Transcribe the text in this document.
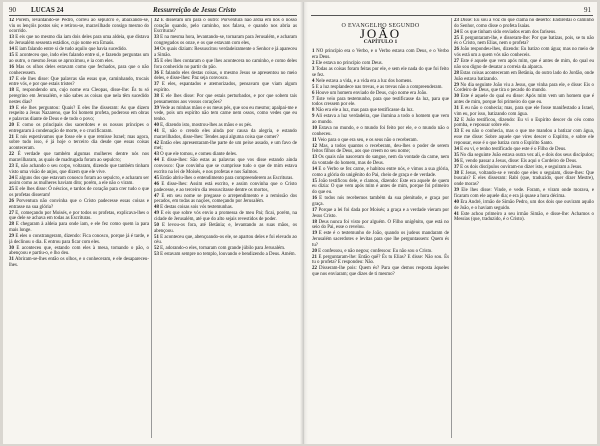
90 LUCAS 24	Ressurreição de Jesus Cristo	91

12 Porém, levantando-se Pedro, correu ao sepulcro e, abaixando-se, viu os lençóis postos sós; e retirou-se, maravilhado consigo mesmo do ocorrido.

13 E eis que no mesmo dia iam dois deles para uma aldeia, que distava de Jerusalém sessenta estádios, cujo nome era Emaús.

14 E iam falando entre si de tudo aquilo que havia sucedido.

15 E aconteceu que, indo eles falando entre si, e fazendo perguntas um ao outro, o mesmo Jesus se aproximou, e ia com eles.

16 Mas os olhos deles estavam como que fechados, para que o não conhecessem.

17 E ele lhes disse: Que palavras são essas que, caminhando, trocais entre vós, e por que estais tristes?

18 E, respondendo um, cujo nome era Cleopas, disse-lhe: És tu só peregrino em Jerusalém, e não sabes as coisas que nela têm sucedido nestes dias?

19 E ele lhes perguntou: Quais? E eles lhe disseram: As que dizem respeito a Jesus Nazareno, que foi homem profeta, poderoso em obras e palavras diante de Deus e de todo o povo;

20 E como os principais dos sacerdotes e os nossos príncipes o entregaram à condenação de morte, e o crucificaram.

21 E nós esperávamos que fosse ele o que remisse Israel; mas agora, sobre tudo isso, é já hoje o terceiro dia desde que essas coisas aconteceram.

22 É verdade que também algumas mulheres dentre nós nos maravilharam, as quais de madrugada foram ao sepulcro;

23 E, não achando o seu corpo, voltaram, dizendo que também tinham visto uma visão de anjos, que dizem que ele vive.

24 E alguns dos que estavam conosco foram ao sepulcro, e acharam ser assim como as mulheres haviam dito; porém, a ele não o viram.

25 E ele lhes disse: Ó néscios, e tardos de coração para crer tudo o que os profetas disseram!

26 Porventura não convinha que o Cristo padecesse essas coisas e entrasse na sua glória?

27 E, começando por Moisés, e por todos os profetas, explicava-lhes o que dele se achava em todas as Escrituras.

28 E chegaram à aldeia para onde iam, e ele fez como quem ia para mais longe.

29 E eles o constrangeram, dizendo: Fica conosco, porque já é tarde, e já declinou o dia. E entrou para ficar com eles.

30 E aconteceu que, estando com eles à mesa, tomando o pão, o abençoou e partiu-o, e lho deu.

31 Abriram-se-lhes então os olhos, e o conheceram, e ele desapareceu-lhes.

32 E disseram um para o outro: Porventura não ardia em nós o nosso coração quando, pelo caminho, nos falava, e quando nos abria as Escrituras?

33 E na mesma hora, levantando-se, tornaram para Jerusalém, e acharam congregados os onze, e os que estavam com eles,

34 Os quais diziam: Ressuscitou verdadeiramente o Senhor e já apareceu a Simão.

35 E eles lhes contaram o que lhes acontecera no caminho, e como deles fora conhecido no partir do pão.

36 E falando eles destas coisas, o mesmo Jesus se apresentou no meio deles, e disse-lhes: Paz seja convosco.

37 E eles, espantados e atemorizados, pensavam que viam algum espírito.

38 E ele lhes disse: Por que estais perturbados, e por que sobem tais pensamentos aos vossos corações?

39 Vede as minhas mãos e os meus pés, que sou eu mesmo; apalpai-me e vede, pois um espírito não tem carne nem ossos, como vedes que eu tenho.

40 E, dizendo isto, mostrou-lhes as mãos e os pés.

41 E, não o crendo eles ainda por causa da alegria, e estando maravilhados, disse-lhes: Tendes aqui alguma coisa que comer?

42 Então eles apresentaram-lhe parte de um peixe assado, e um favo de mel;

43 O que ele tomou, e comeu diante deles.

44 E disse-lhes: São estas as palavras que vos disse estando ainda convosco: Que convinha que se cumprisse tudo o que de mim estava escrito na lei de Moisés, e nos profetas e nos Salmos.

45 Então abriu-lhes o entendimento para compreenderem as Escrituras.

46 E disse-lhes: Assim está escrito, e assim convinha que o Cristo padecesse, e ao terceiro dia ressuscitasse dentre os mortos,

47 E em seu nome se pregasse o arrependimento e a remissão dos pecados, em todas as nações, começando por Jerusalém.

48 E destas coisas sois vós testemunhas.

49 E eis que sobre vós envio a promessa de meu Pai; ficai, porém, na cidade de Jerusalém, até que do alto sejais revestidos de poder.

50 E levou-os fora, até Betânia; e, levantando as suas mãos, os abençoou.

51 E aconteceu que, abençoando-os ele, se apartou deles e foi elevado ao céu.

52 E, adorando-o eles, tornaram com grande júbilo para Jerusalém.

53 E estavam sempre no templo, louvando e bendizendo a Deus. Amém.

O EVANGELHO SEGUNDO
JOÃO
CAPÍTULO 1

1 NO princípio era o Verbo, e o Verbo estava com Deus, e o Verbo era Deus.

2 Ele estava no princípio com Deus.

3 Todas as coisas foram feitas por ele, e sem ele nada do que foi feito se fez.

4 Nele estava a vida, e a vida era a luz dos homens.

5 E a luz resplandece nas trevas, e as trevas não a compreenderam.

6 Houve um homem enviado de Deus, cujo nome era João.

7 Este veio para testemunho, para que testificasse da luz, para que todos cressem por ele.

8 Não era ele a luz, mas para que testificasse da luz.

9 Ali estava a luz verdadeira, que ilumina a todo o homem que vem ao mundo.

10 Estava no mundo, e o mundo foi feito por ele, e o mundo não o conheceu.

11 Veio para o que era seu, e os seus não o receberam.

12 Mas, a todos quantos o receberam, deu-lhes o poder de serem feitos filhos de Deus, aos que creem no seu nome;

13 Os quais não nasceram do sangue, nem da vontade da carne, nem da vontade do homem, mas de Deus.

14 E o Verbo se fez carne, e habitou entre nós, e vimos a sua glória, como a glória do unigênito do Pai, cheio de graça e de verdade.

15 João testificou dele, e clamou, dizendo: Este era aquele de quem eu dizia: O que vem após mim é antes de mim, porque foi primeiro do que eu.

16 E todos nós recebemos também da sua plenitude, e graça por graça.

17 Porque a lei foi dada por Moisés; a graça e a verdade vieram por Jesus Cristo.

18 Deus nunca foi visto por alguém. O Filho unigênito, que está no seio do Pai, esse o revelou.

19 E este é o testemunho de João, quando os judeus mandaram de Jerusalém sacerdotes e levitas para que lhe perguntassem: Quem és tu?

20 E confessou, e não negou; confessou: Eu não sou o Cristo.

21 E perguntaram-lhe: Então quê? És tu Elias? E disse: Não sou. És tu o profeta? E respondeu: Não.

22 Disseram-lhe pois: Quem és? Para que demos resposta àqueles que nos enviaram; que dizes de ti mesmo?

23 Disse: Eu sou a voz do que clama no deserto: Endireitai o caminho do Senhor, como disse o profeta Isaías.

24 E os que tinham sido enviados eram dos fariseus.

25 E perguntaram-lhe, e disseram-lhe: Por que batizas, pois, se tu não és o Cristo, nem Elias, nem o profeta?

26 João respondeu-lhes, dizendo: Eu batizo com água; mas no meio de vós está um a quem vós não conheceis.

27 Este é aquele que vem após mim, que é antes de mim, do qual eu não sou digno de desatar a correia da alparca.

28 Estas coisas aconteceram em Betânia, do outro lado do Jordão, onde João estava batizando.

29 No dia seguinte João viu a Jesus, que vinha para ele, e disse: Eis o Cordeiro de Deus, que tira o pecado do mundo.

30 Este é aquele do qual eu disse: Após mim vem um homem que é antes de mim, porque foi primeiro do que eu.

31 E eu não o conhecia; mas, para que ele fosse manifestado a Israel, vim eu, por isso, batizando com água.

32 E João testificou, dizendo: Eu vi o Espírito descer do céu como pomba, e repousar sobre ele.

33 E eu não o conhecia, mas o que me mandou a batizar com água, esse me disse: Sobre aquele que vires descer o Espírito, e sobre ele repousar, esse é o que batiza com o Espírito Santo.

34 E eu vi, e tenho testificado que este é o Filho de Deus.

35 No dia seguinte João estava outra vez ali, e dois dos seus discípulos;

36 E, vendo passar a Jesus, disse: Eis aqui o Cordeiro de Deus.

37 E os dois discípulos ouviram-no dizer isto, e seguiram a Jesus.

38 E Jesus, voltando-se e vendo que eles o seguiam, disse-lhes: Que buscais? E eles disseram: Rabi (que, traduzido, quer dizer Mestre), onde moras?

39 Ele lhes disse: Vinde, e vede. Foram, e viram onde morava, e ficaram com ele aquele dia; e era já quase a hora décima.

40 Era André, irmão de Simão Pedro, um dos dois que ouviram aquilo de João, e o haviam seguido.

41 Este achou primeiro a seu irmão Simão, e disse-lhe: Achamos o Messias (que, traduzido, é o Cristo).
